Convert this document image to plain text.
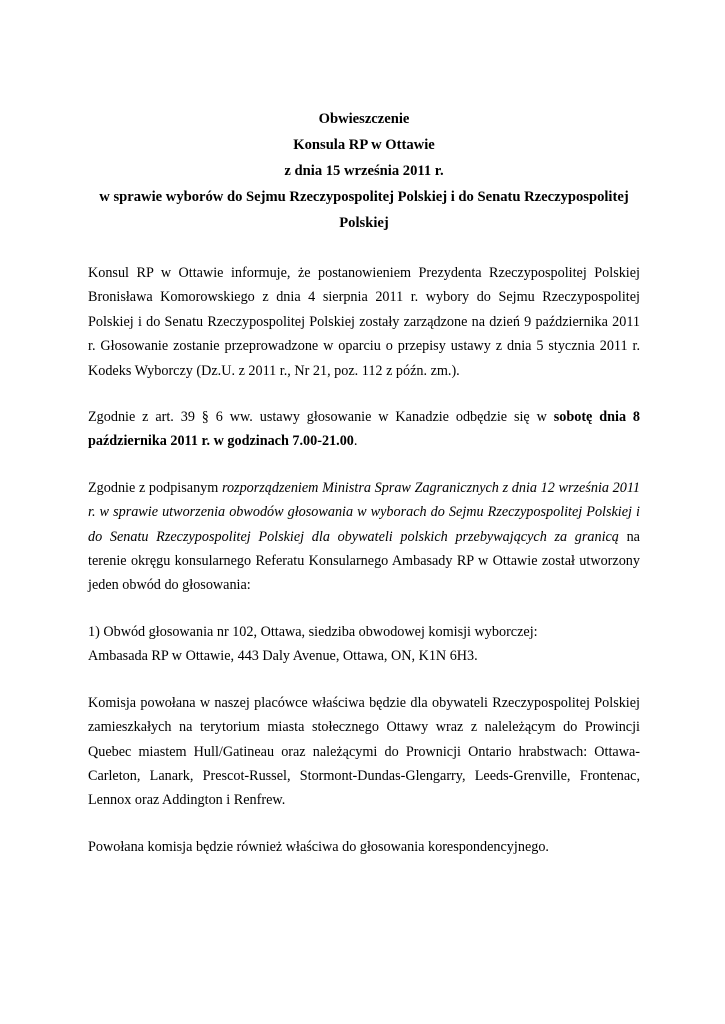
Obwieszczenie
Konsula RP w Ottawie
z dnia 15 września 2011 r.
w sprawie wyborów do Sejmu Rzeczypospolitej Polskiej i do Senatu Rzeczypospolitej
Polskiej

Konsul RP w Ottawie informuje, że postanowieniem Prezydenta Rzeczypospolitej Polskiej Bronisława Komorowskiego z dnia 4 sierpnia 2011 r. wybory do Sejmu Rzeczypospolitej Polskiej i do Senatu Rzeczypospolitej Polskiej zostały zarządzone na dzień 9 października 2011 r. Głosowanie zostanie przeprowadzone w oparciu o przepisy ustawy z dnia 5 stycznia 2011 r. Kodeks Wyborczy (Dz.U. z 2011 r., Nr 21, poz. 112 z późn. zm.).

Zgodnie z art. 39 § 6 ww. ustawy głosowanie w Kanadzie odbędzie się w sobotę dnia 8 października 2011 r. w godzinach 7.00-21.00.

Zgodnie z podpisanym rozporządzeniem Ministra Spraw Zagranicznych z dnia 12 września 2011 r. w sprawie utworzenia obwodów głosowania w wyborach do Sejmu Rzeczypospolitej Polskiej i do Senatu Rzeczypospolitej Polskiej dla obywateli polskich przebywających za granicą na terenie okręgu konsularnego Referatu Konsularnego Ambasady RP w Ottawie został utworzony jeden obwód do głosowania:

1) Obwód głosowania nr 102, Ottawa, siedziba obwodowej komisji wyborczej:
Ambasada RP w Ottawie, 443 Daly Avenue, Ottawa, ON, K1N 6H3.

Komisja powołana w naszej placówce właściwa będzie dla obywateli Rzeczypospolitej Polskiej zamieszkałych na terytorium miasta stołecznego Ottawy wraz z naleleżącym do Prowincji Quebec miastem Hull/Gatineau oraz należącymi do Prownicji Ontario hrabstwach: Ottawa-Carleton, Lanark, Prescot-Russel, Stormont-Dundas-Glengarry, Leeds-Grenville, Frontenac, Lennox oraz Addington i Renfrew.

Powołana komisja będzie również właściwa do głosowania korespondencyjnego.
